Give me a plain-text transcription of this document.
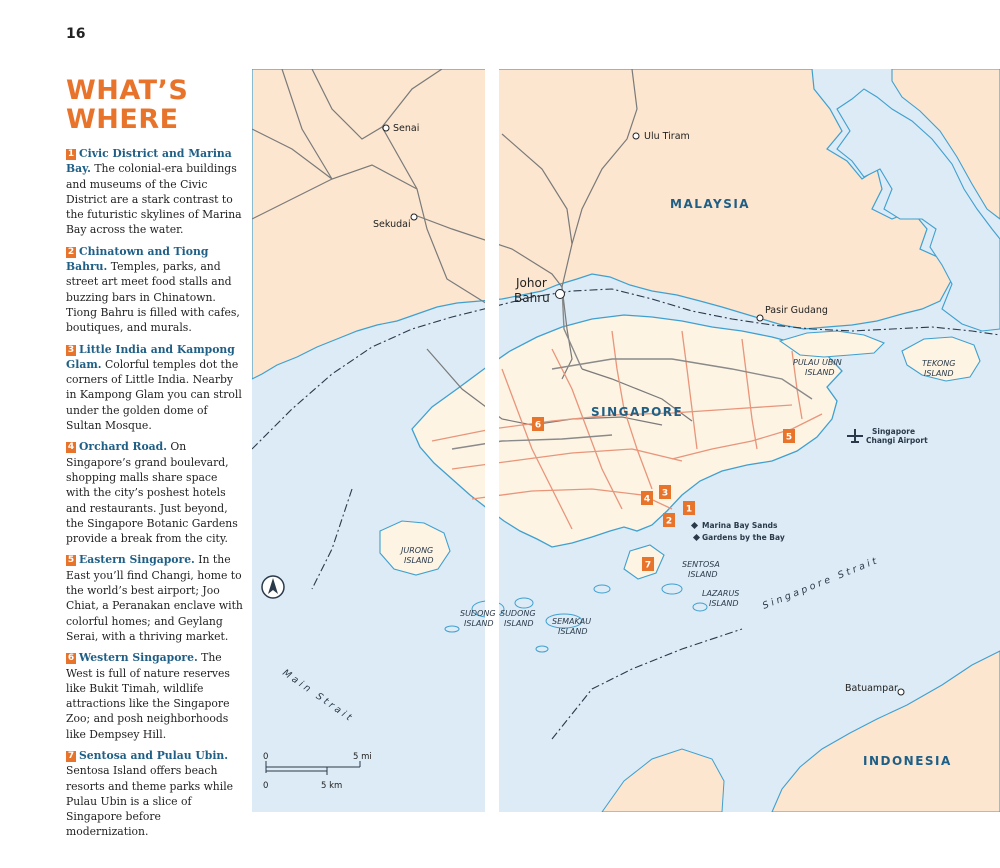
16
WHAT’S WHERE
1 Civic District and Marina Bay. The colonial-era buildings and museums of the Civic District are a stark contrast to the futuristic skylines of Marina Bay across the water.
2 Chinatown and Tiong Bahru. Temples, parks, and street art meet food stalls and buzzing bars in Chinatown. Tiong Bahru is filled with cafes, boutiques, and murals.
3 Little India and Kampong Glam. Colorful temples dot the corners of Little India. Nearby in Kampong Glam you can stroll under the golden dome of Sultan Mosque.
4 Orchard Road. On Singapore’s grand boulevard, shopping malls share space with the city’s poshest hotels and restaurants. Just beyond, the Singapore Botanic Gardens provide a break from the city.
5 Eastern Singapore. In the East you’ll find Changi, home to the world’s best airport; Joo Chiat, a Peranakan enclave with colorful homes; and Geylang Serai, with a thriving market.
6 Western Singapore. The West is full of nature reserves like Bukit Timah, wildlife attractions like the Singapore Zoo; and posh neighborhoods like Dempsey Hill.
7 Sentosa and Pulau Ubin. Sentosa Island offers beach resorts and theme parks while Pulau Ubin is a slice of Singapore before modernization.
6
5
4
3
1
2
7
MALAYSIA
SINGAPORE
INDONESIA
Senai
Sekudai
Ulu Tiram
Johor
Bahru
Pasir Gudang
Batuampar
PULAU UBIN
ISLAND
TEKONG
ISLAND
JURONG
ISLAND	SENTOSA
ISLAND
LAZARUS
ISLAND
SEMAKAU
ISLAND
SUDONG
ISLAND
SUDONG
ISLAND
Singapore
Changi Airport
Marina Bay Sands
Gardens by the Bay
Singapore Strait
Main Strait
0	5 mi
0	5 km
